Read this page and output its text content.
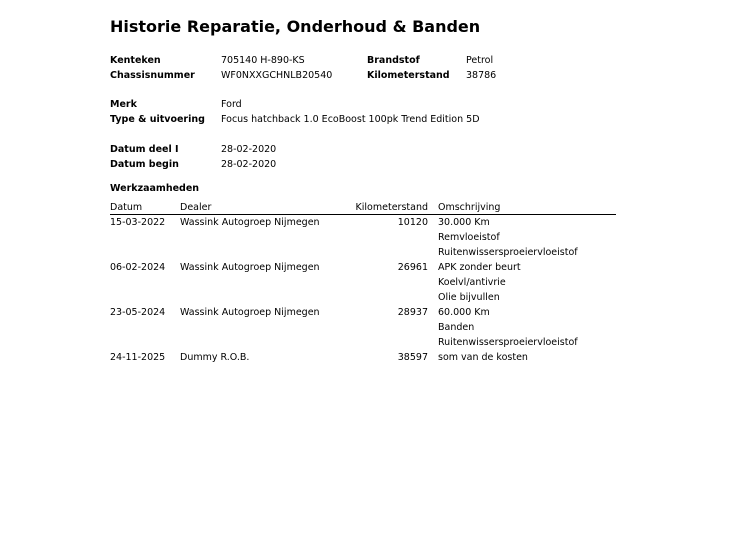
Historie Reparatie, Onderhoud & Banden
Kenteken	705140 H-890-KS	Brandstof	Petrol
Chassisnummer	WF0NXXGCHNLB20540	Kilometerstand 38786
Merk	Ford
Type & uitvoering Focus hatchback 1.0 EcoBoost 100pk Trend Edition 5D
Datum deel I	28-02-2020
Datum begin	28-02-2020
Werkzaamheden
Datum	Dealer	Kilometerstand Omschrijving
15-03-2022 Wassink Autogroep Nijmegen	10120 30.000 Km
Remvloeistof
Ruitenwissersproeiervloeistof
06-02-2024 Wassink Autogroep Nijmegen	26961 APK zonder beurt
Koelvl/antivrie
Olie bijvullen
23-05-2024 Wassink Autogroep Nijmegen	28937 60.000 Km
Banden
Ruitenwissersproeiervloeistof
24-11-2025 Dummy R.O.B.	38597 som van de kosten
